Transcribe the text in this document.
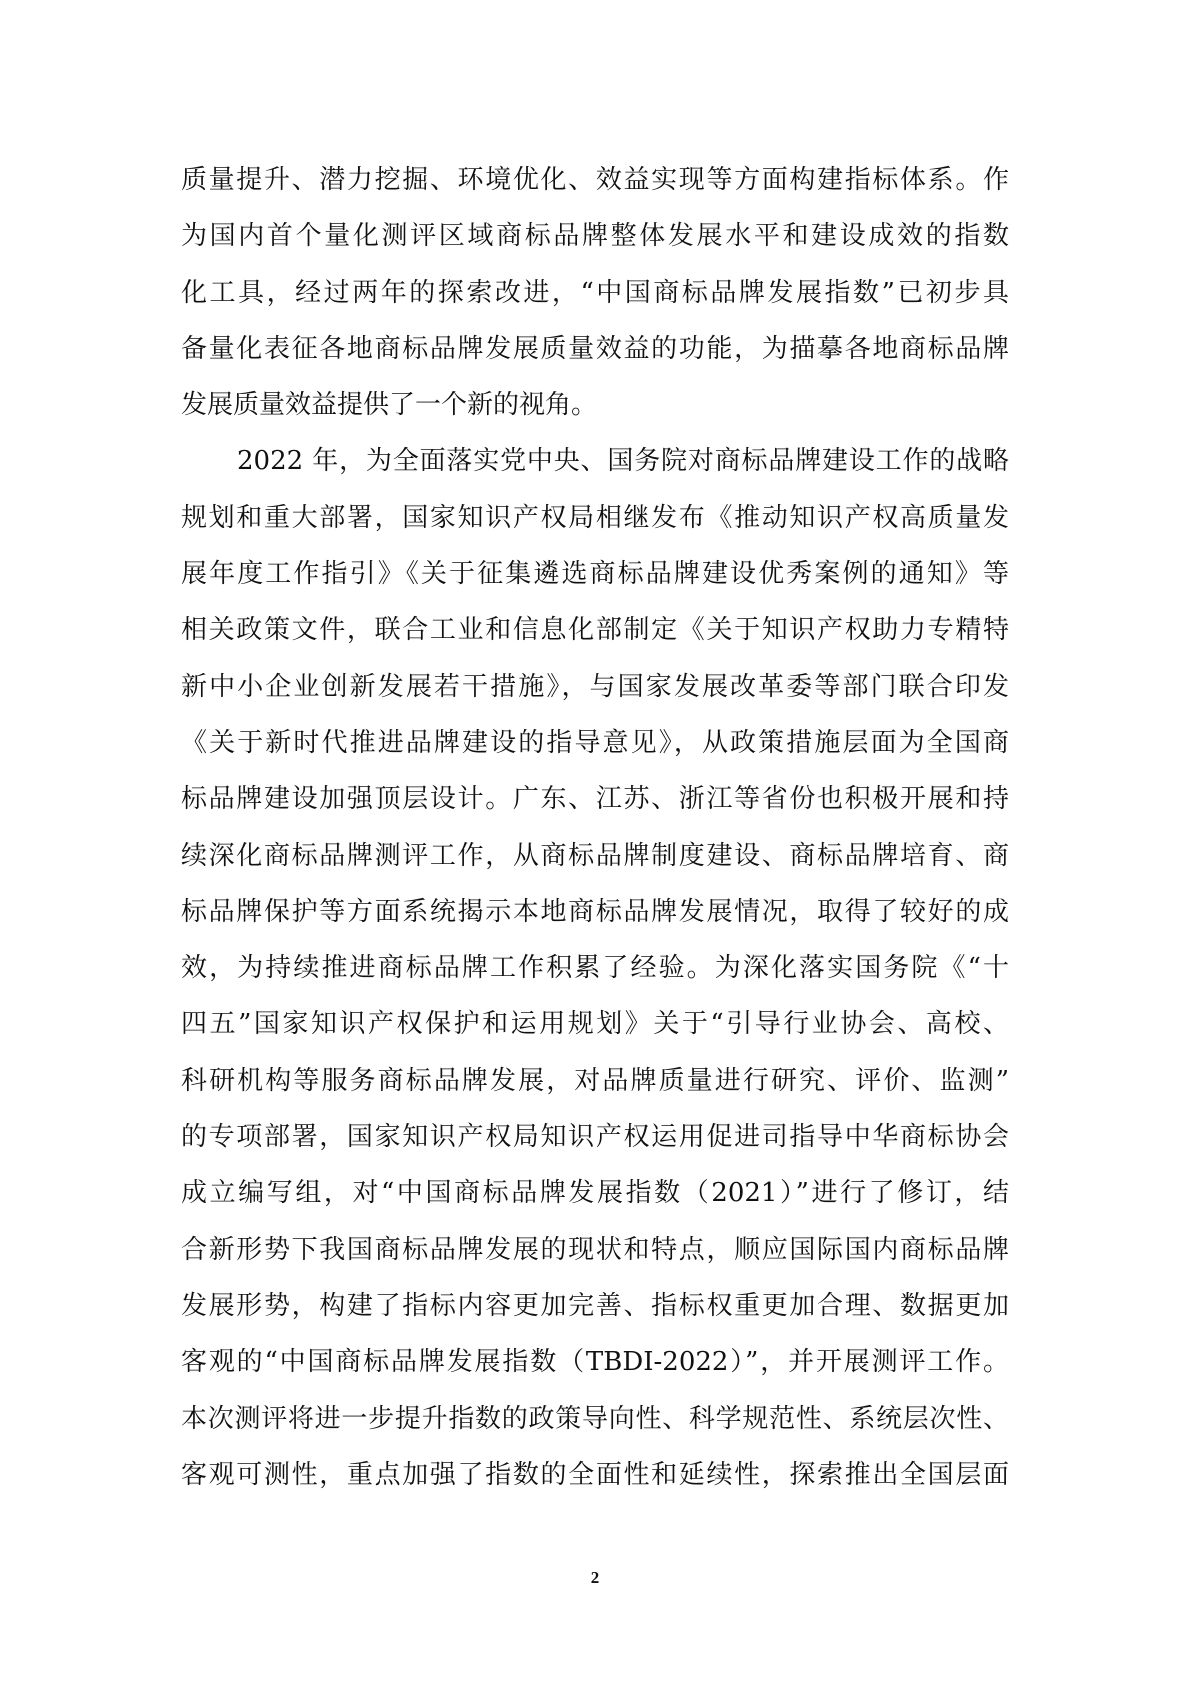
质量提升、潜力挖掘、环境优化、效益实现等方面构建指标体系。作
为国内首个量化测评区域商标品牌整体发展水平和建设成效的指数
化工具，经过两年的探索改进，“中国商标品牌发展指数”已初步具
备量化表征各地商标品牌发展质量效益的功能，为描摹各地商标品牌
发展质量效益提供了一个新的视角。
2022 年，为全面落实党中央、国务院对商标品牌建设工作的战略
规划和重大部署，国家知识产权局相继发布《推动知识产权高质量发
展年度工作指引》《关于征集遴选商标品牌建设优秀案例的通知》等
相关政策文件，联合工业和信息化部制定《关于知识产权助力专精特
新中小企业创新发展若干措施》，与国家发展改革委等部门联合印发
《关于新时代推进品牌建设的指导意见》，从政策措施层面为全国商
标品牌建设加强顶层设计。广东、江苏、浙江等省份也积极开展和持
续深化商标品牌测评工作，从商标品牌制度建设、商标品牌培育、商
标品牌保护等方面系统揭示本地商标品牌发展情况，取得了较好的成
效，为持续推进商标品牌工作积累了经验。为深化落实国务院《“十
四五”国家知识产权保护和运用规划》关于“引导行业协会、高校、
科研机构等服务商标品牌发展，对品牌质量进行研究、评价、监测”
的专项部署，国家知识产权局知识产权运用促进司指导中华商标协会
成立编写组，对“中国商标品牌发展指数（2021）”进行了修订，结
合新形势下我国商标品牌发展的现状和特点，顺应国际国内商标品牌
发展形势，构建了指标内容更加完善、指标权重更加合理、数据更加
客观的“中国商标品牌发展指数（TBDI-2022）”，并开展测评工作。
本次测评将进一步提升指数的政策导向性、科学规范性、系统层次性、
客观可测性，重点加强了指数的全面性和延续性，探索推出全国层面
2
